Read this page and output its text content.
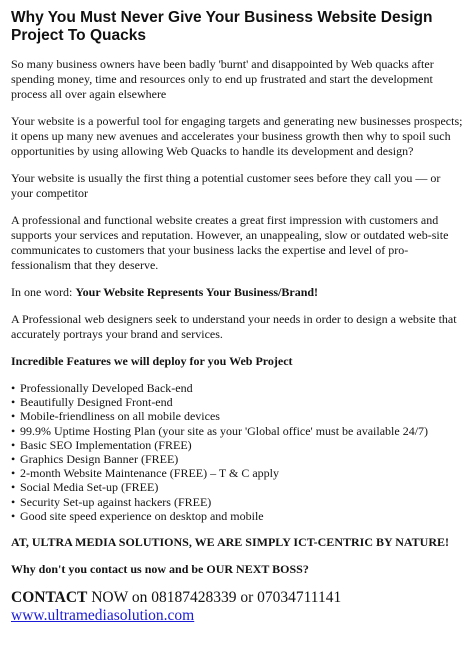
Why You Must Never Give Your Business Website Design Project To Quacks

So many business owners have been badly 'burnt' and disappointed by Web quacks after spending money, time and resources only to end up frustrated and start the development process all over again elsewhere

Your website is a powerful tool for engaging targets and generating new businesses prospects; it opens up many new avenues and accelerates your business growth then why to spoil such opportunities by using allowing Web Quacks to handle its development and design?

Your website is usually the first thing a potential customer sees before they call you — or your competitor

A professional and functional website creates a great first impression with customers and supports your services and reputation. However, an unappealing, slow or outdated web-site communicates to customers that your business lacks the expertise and level of pro-fessionalism that they deserve.

In one word: Your Website Represents Your Business/Brand!

A Professional web designers seek to understand your needs in order to design a website that accurately portrays your brand and services.

Incredible Features we will deploy for you Web Project

• Professionally Developed Back-end
• Beautifully Designed Front-end
• Mobile-friendliness on all mobile devices
• 99.9% Uptime Hosting Plan (your site as your 'Global office' must be available 24/7)
• Basic SEO Implementation (FREE)
• Graphics Design Banner (FREE)
• 2-month Website Maintenance (FREE) – T & C apply
• Social Media Set-up (FREE)
• Security Set-up against hackers (FREE)
• Good site speed experience on desktop and mobile

AT, ULTRA MEDIA SOLUTIONS, WE ARE SIMPLY ICT-CENTRIC BY NATURE!

Why don't you contact us now and be OUR NEXT BOSS?

CONTACT NOW on 08187428339 or 07034711141

www.ultramediasolution.com
